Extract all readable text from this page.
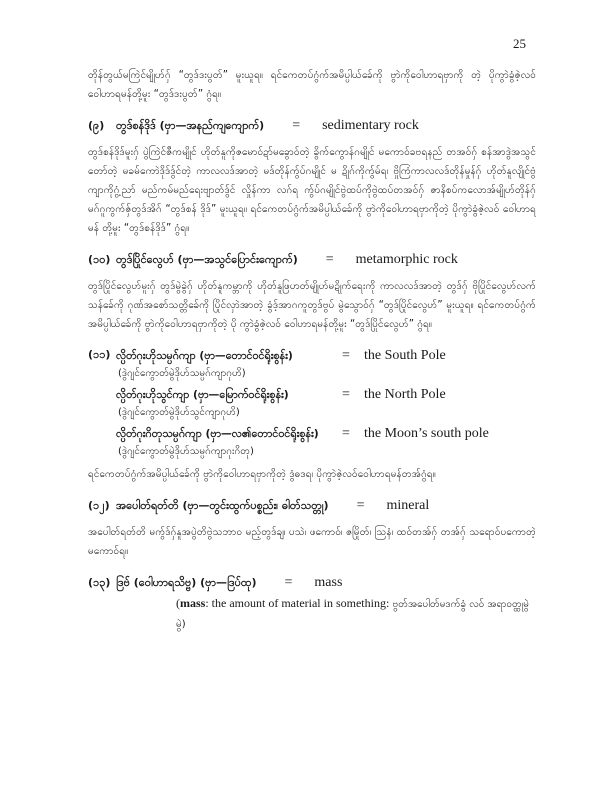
25

တိုန်တွယ်မကြဲင်မျိုဟ်ဂှ် “တွဒ်ဒးပွတ်” မူးယူရ။ ရင်ကေတပ်ဂွံက်အမိပ္ပါယ်ခ်ေကို ဗွာဲကိုဝေါဟာရဗှာကို တဲ့ ပိုကွာဲခွံဇဲ့လဝ် ဝေါဟာရမန်တို့မူး “တွဒ်ဒးပွတ်” ဂွံရ။

(၉)	တွဒ်စန်ဒိုဒ် (ဗှာ—အနည်ကျကျောက်) = sedimentary rock

တွဒ်စန်ဒိုဒ်မူးဂှ် ပွဲကြဲင်ဇီကမျိုင် ဟိုတ်နူကိုဇမောဝ်ဍာ်မခွောဝ်တဲ့ ခွိက်ကွောန်ဂမျိုင် မကောဝ်ခဗရနည် တအဝ်ဂှ် စန်အာဒွဲအသွင်တော်တဲ့ မခမ်ကောဲဒိုဒ်ဒွ်င်တဲ့ ကာလလဒ်အာတဲ့ မဒ်တိုန်ကွ်ပ်ဂမျိုင် မ ဍိုဂ်ကိုကွ်မ်ရ၊ ဗှိုကြံကာလလဒ်တိုန်မှုန်ဂှ် ဟိုတ်နူလျိုင်ဗွံကျာကိုဂွံ့ညာ် မည်ကမ်မည်ရေးဗျာတ်ဒွ်င် လှိုန်ကာ လဂ်ရ ကွ်ပ်ဂမျိုင်ဗွဲထပ်ကိုဗွဲထပ်တအဝ်ဂှ် ဇာနိစပ်ကလောအ်မျိုဟ်တိုန်ဂှ် မဂ်ဂူကွက်ဇှ်တွဒ်အိဂ် “တွဒ်စန် ဒိုဒ်” မူးယူရ။ ရင်ကေတပ်ဂွံက်အမိပ္ပါယ်ခ်ေကို ဗွာဲကိုဝေါဟာရဗှာကိုတဲ့ ပိုကွာဲခွံဇဲ့လဝ် ဝေါဟာရမန် တို့မူး “တွဒ်စန်ဒိုဒ်” ဂွံရ။

(၁၀) တွဒ်ပြိုင်လွေဟ် (ဗှာ—အသွင်ပြောင်းကျောက်) = metamorphic rock

တွဒ်ပြိုင်လွေဟ်မူးဂှ် တွဒ်မွဲခွဲဂှ် ဟိုတ်နူကမ္ဘာကို ဟိုတ်နူဖြပာတ်မျိုဟ်မဍိုက်ရေးကို ကာလလဒ်အာတဲ့ တွဒ်ဂှ် ဗိုပြိုင်လွေဟ်လက်သန်ခ်ေကို ဂုဏ်အစော်သတ္တိခ်ေကို ပြိုင်လှာဲအာတဲ့ ခွံဒ့်အာဂကူတွဒ်ဗွပ် မွဲသွောဝ်ဂှ် “တွဒ်ပြိုင်လွေဟ်” မူးယူရ။ ရင်ကေတပ်ဂွံက်အမိပ္ပါယ်ခ်ေကို ဗွာဲကိုဝေါဟာရဗှာကိုတဲ့ ပို ကွာဲခွံဇဲ့လဝ် ဝေါဟာရမန်တို့မူး “တွဒ်ပြိုင်လွေဟ်” ဂွံရ။

(၁၁) လ္ပိတ်ဂုးဟိုသမ္ပဂ်ကျာ (ဗှာ—တောင်ဝင်ရိုးစွန်း)	=	the South Pole
(ဒွဲဂျင်ကွောတ်မွဲဒိုဟ်သမ္ပဂ်ကျာဂုဟိ)
လ္ပိတ်ဂုးဟိုသွင်ကျာ (ဗှာ—မြောက်ဝင်ရိုးစွန်း)	=	the North Pole
(ဒွဲဂျင်ကွောတ်မွဲဒိုဟ်သွင်ကျာဂုဟိ)
လ္ပိတ်ဂုးဂိတုသမ္ပဂ်ကျာ (ဗှာ—လ၏တောင်ဝင်ရိုးစွန်း)	=	the Moon’s south pole
(ဒွဲဂျင်ကွောတ်မွဲဒိုဟ်သမ္ပဂ်ကျာဂုးဂိတု)

ရင်ကေတပ်ဂွံက်အမိပ္ပါယ်ခ်ေကို ဗွာဲကိုဝေါဟာရဗှာကိုတဲ့ ဒွံဓဒရ၊ ပိုကွာဲဇဲ့လဝ်ဝေါဟာရမန်တအ်ဂွံရ။

(၁၂) အပေါတ်ရတ်တိ (ဗှာ—တွင်းထွက်ပစ္စည်း၊ ဓါတ်သတ္တု) = mineral

အပေါတ်ရတ်တိ မကွ်ဒ်ဂှ်နူအပွဲတိဗွဲသဘာဝ မည့်တွဒ်ချ၊ ပသဲ၊ ဖကောဝ်၊ ဇမြိုတ်၊ သြနံ၊ ထဝ်တအ်ဂှ် တအ်ဂှ် သရောဝ်ပကောတဲ့ မကောဝ်ရ။

(၁၃) ဒြဗ် (ဝေါဟာရသိဗ္ဗ) (ဗှာ—ဒြပ်ထု) = mass
(mass: the amount of material in something: ဗွတ်အပေါတ်မဒက်ခွံ လဝ် အရာဝတ္ထုမွဲမွဲ)
